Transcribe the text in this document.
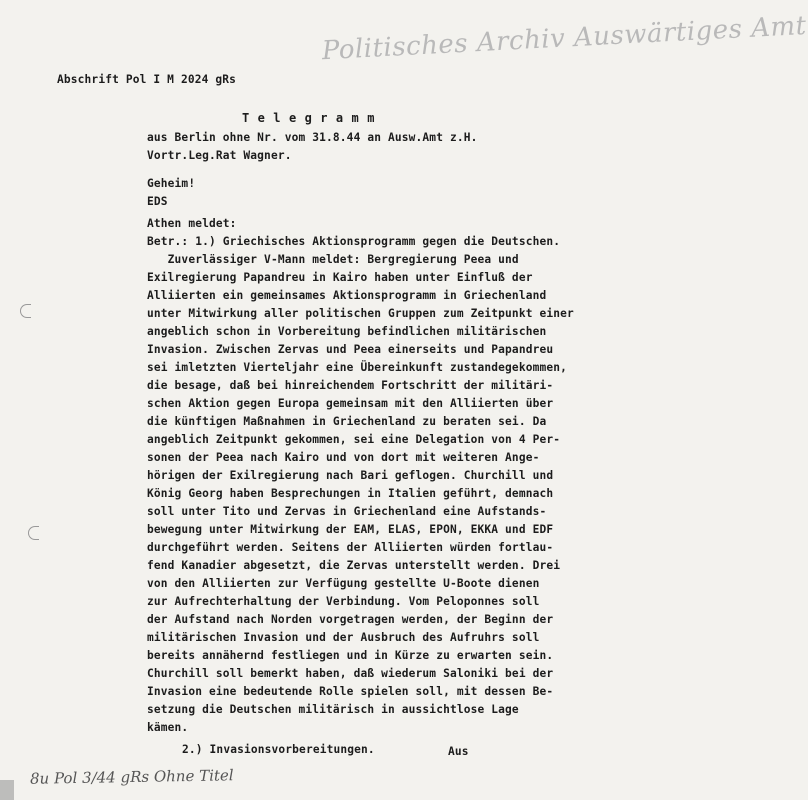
Politisches Archiv Auswärtiges Amt
Abschrift Pol I M 2024 gRs
T e l e g r a m m
aus Berlin ohne Nr. vom 31.8.44 an Ausw.Amt z.H.
Vortr.Leg.Rat Wagner.
Geheim!
EDS
Athen meldet:
Betr.: 1.) Griechisches Aktionsprogramm gegen die Deutschen.
Zuverlässiger V-Mann meldet: Bergregierung Peea und
Exilregierung Papandreu in Kairo haben unter Einfluß der
Alliierten ein gemeinsames Aktionsprogramm in Griechenland
unter Mitwirkung aller politischen Gruppen zum Zeitpunkt einer
angeblich schon in Vorbereitung befindlichen militärischen
Invasion. Zwischen Zervas und Peea einerseits und Papandreu
sei imletzten Vierteljahr eine Übereinkunft zustandegekommen,
die besage, daß bei hinreichendem Fortschritt der militäri-
schen Aktion gegen Europa gemeinsam mit den Alliierten über
die künftigen Maßnahmen in Griechenland zu beraten sei. Da
angeblich Zeitpunkt gekommen, sei eine Delegation von 4 Per-
sonen der Peea nach Kairo und von dort mit weiteren Ange-
hörigen der Exilregierung nach Bari geflogen. Churchill und
König Georg haben Besprechungen in Italien geführt, demnach
soll unter Tito und Zervas in Griechenland eine Aufstands-
bewegung unter Mitwirkung der EAM, ELAS, EPON, EKKA und EDF
durchgeführt werden. Seitens der Alliierten würden fortlau-
fend Kanadier abgesetzt, die Zervas unterstellt werden. Drei
von den Alliierten zur Verfügung gestellte U-Boote dienen
zur Aufrechterhaltung der Verbindung. Vom Peloponnes soll
der Aufstand nach Norden vorgetragen werden, der Beginn der
militärischen Invasion und der Ausbruch des Aufruhrs soll
bereits annähernd festliegen und in Kürze zu erwarten sein.
Churchill soll bemerkt haben, daß wiederum Saloniki bei der
Invasion eine bedeutende Rolle spielen soll, mit dessen Be-
setzung die Deutschen militärisch in aussichtlose Lage
kämen.
2.) Invasionsvorbereitungen.	Aus
8u Pol 3/44 gRs Ohne Titel
